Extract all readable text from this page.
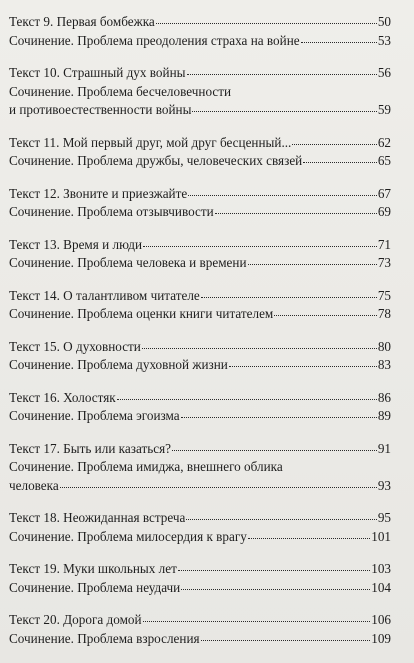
Текст 9. Первая бомбежка	50
Сочинение. Проблема преодоления страха на войне	53
Текст 10. Страшный дух войны	56
Сочинение. Проблема бесчеловечности
и противоестественности войны	59
Текст 11. Мой первый друг, мой друг бесценный...	62
Сочинение. Проблема дружбы, человеческих связей	65
Текст 12. Звоните и приезжайте	67
Сочинение. Проблема отзывчивости	69
Текст 13. Время и люди	71
Сочинение. Проблема человека и времени	73
Текст 14. О талантливом читателе	75
Сочинение. Проблема оценки книги читателем	78
Текст 15. О духовности	80
Сочинение. Проблема духовной жизни	83
Текст 16. Холостяк	86
Сочинение. Проблема эгоизма	89
Текст 17. Быть или казаться?	91
Сочинение. Проблема имиджа, внешнего облика
человека	93
Текст 18. Неожиданная встреча	95
Сочинение. Проблема милосердия к врагу	101
Текст 19. Муки школьных лет	103
Сочинение. Проблема неудачи	104
Текст 20. Дорога домой	106
Сочинение. Проблема взросления	109
